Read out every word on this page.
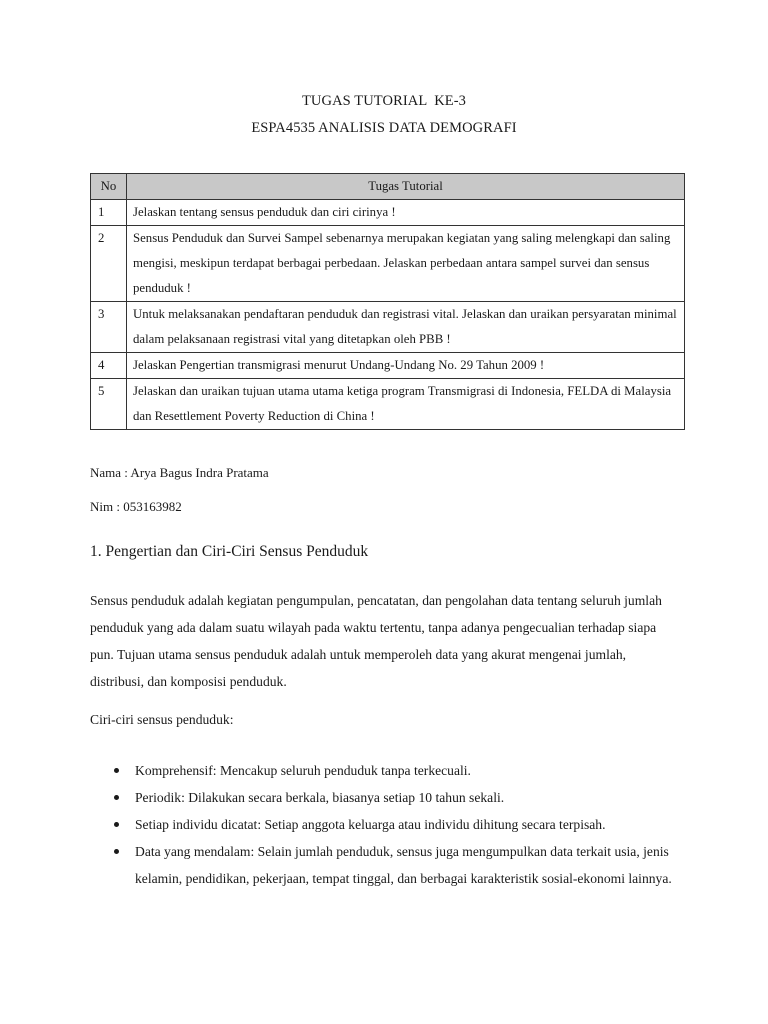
TUGAS TUTORIAL  KE-3
ESPA4535 ANALISIS DATA DEMOGRAFI
No	Tugas Tutorial
1	Jelaskan tentang sensus penduduk dan ciri cirinya !
2	Sensus Penduduk dan Survei Sampel sebenarnya merupakan kegiatan yang saling melengkapi dan saling mengisi, meskipun terdapat berbagai perbedaan. Jelaskan perbedaan antara sampel survei dan sensus penduduk !
3	Untuk melaksanakan pendaftaran penduduk dan registrasi vital. Jelaskan dan uraikan persyaratan minimal dalam pelaksanaan registrasi vital yang ditetapkan oleh PBB !
4	Jelaskan Pengertian transmigrasi menurut Undang-Undang No. 29 Tahun 2009 !
5	Jelaskan dan uraikan tujuan utama utama ketiga program Transmigrasi di Indonesia, FELDA di Malaysia dan Resettlement Poverty Reduction di China !
Nama : Arya Bagus Indra Pratama
Nim : 053163982
1. Pengertian dan Ciri-Ciri Sensus Penduduk
Sensus penduduk adalah kegiatan pengumpulan, pencatatan, dan pengolahan data tentang seluruh jumlah penduduk yang ada dalam suatu wilayah pada waktu tertentu, tanpa adanya pengecualian terhadap siapa pun. Tujuan utama sensus penduduk adalah untuk memperoleh data yang akurat mengenai jumlah, distribusi, dan komposisi penduduk.
Ciri-ciri sensus penduduk:
Komprehensif: Mencakup seluruh penduduk tanpa terkecuali.
Periodik: Dilakukan secara berkala, biasanya setiap 10 tahun sekali.
Setiap individu dicatat: Setiap anggota keluarga atau individu dihitung secara terpisah.
Data yang mendalam: Selain jumlah penduduk, sensus juga mengumpulkan data terkait usia, jenis kelamin, pendidikan, pekerjaan, tempat tinggal, dan berbagai karakteristik sosial-ekonomi lainnya.
